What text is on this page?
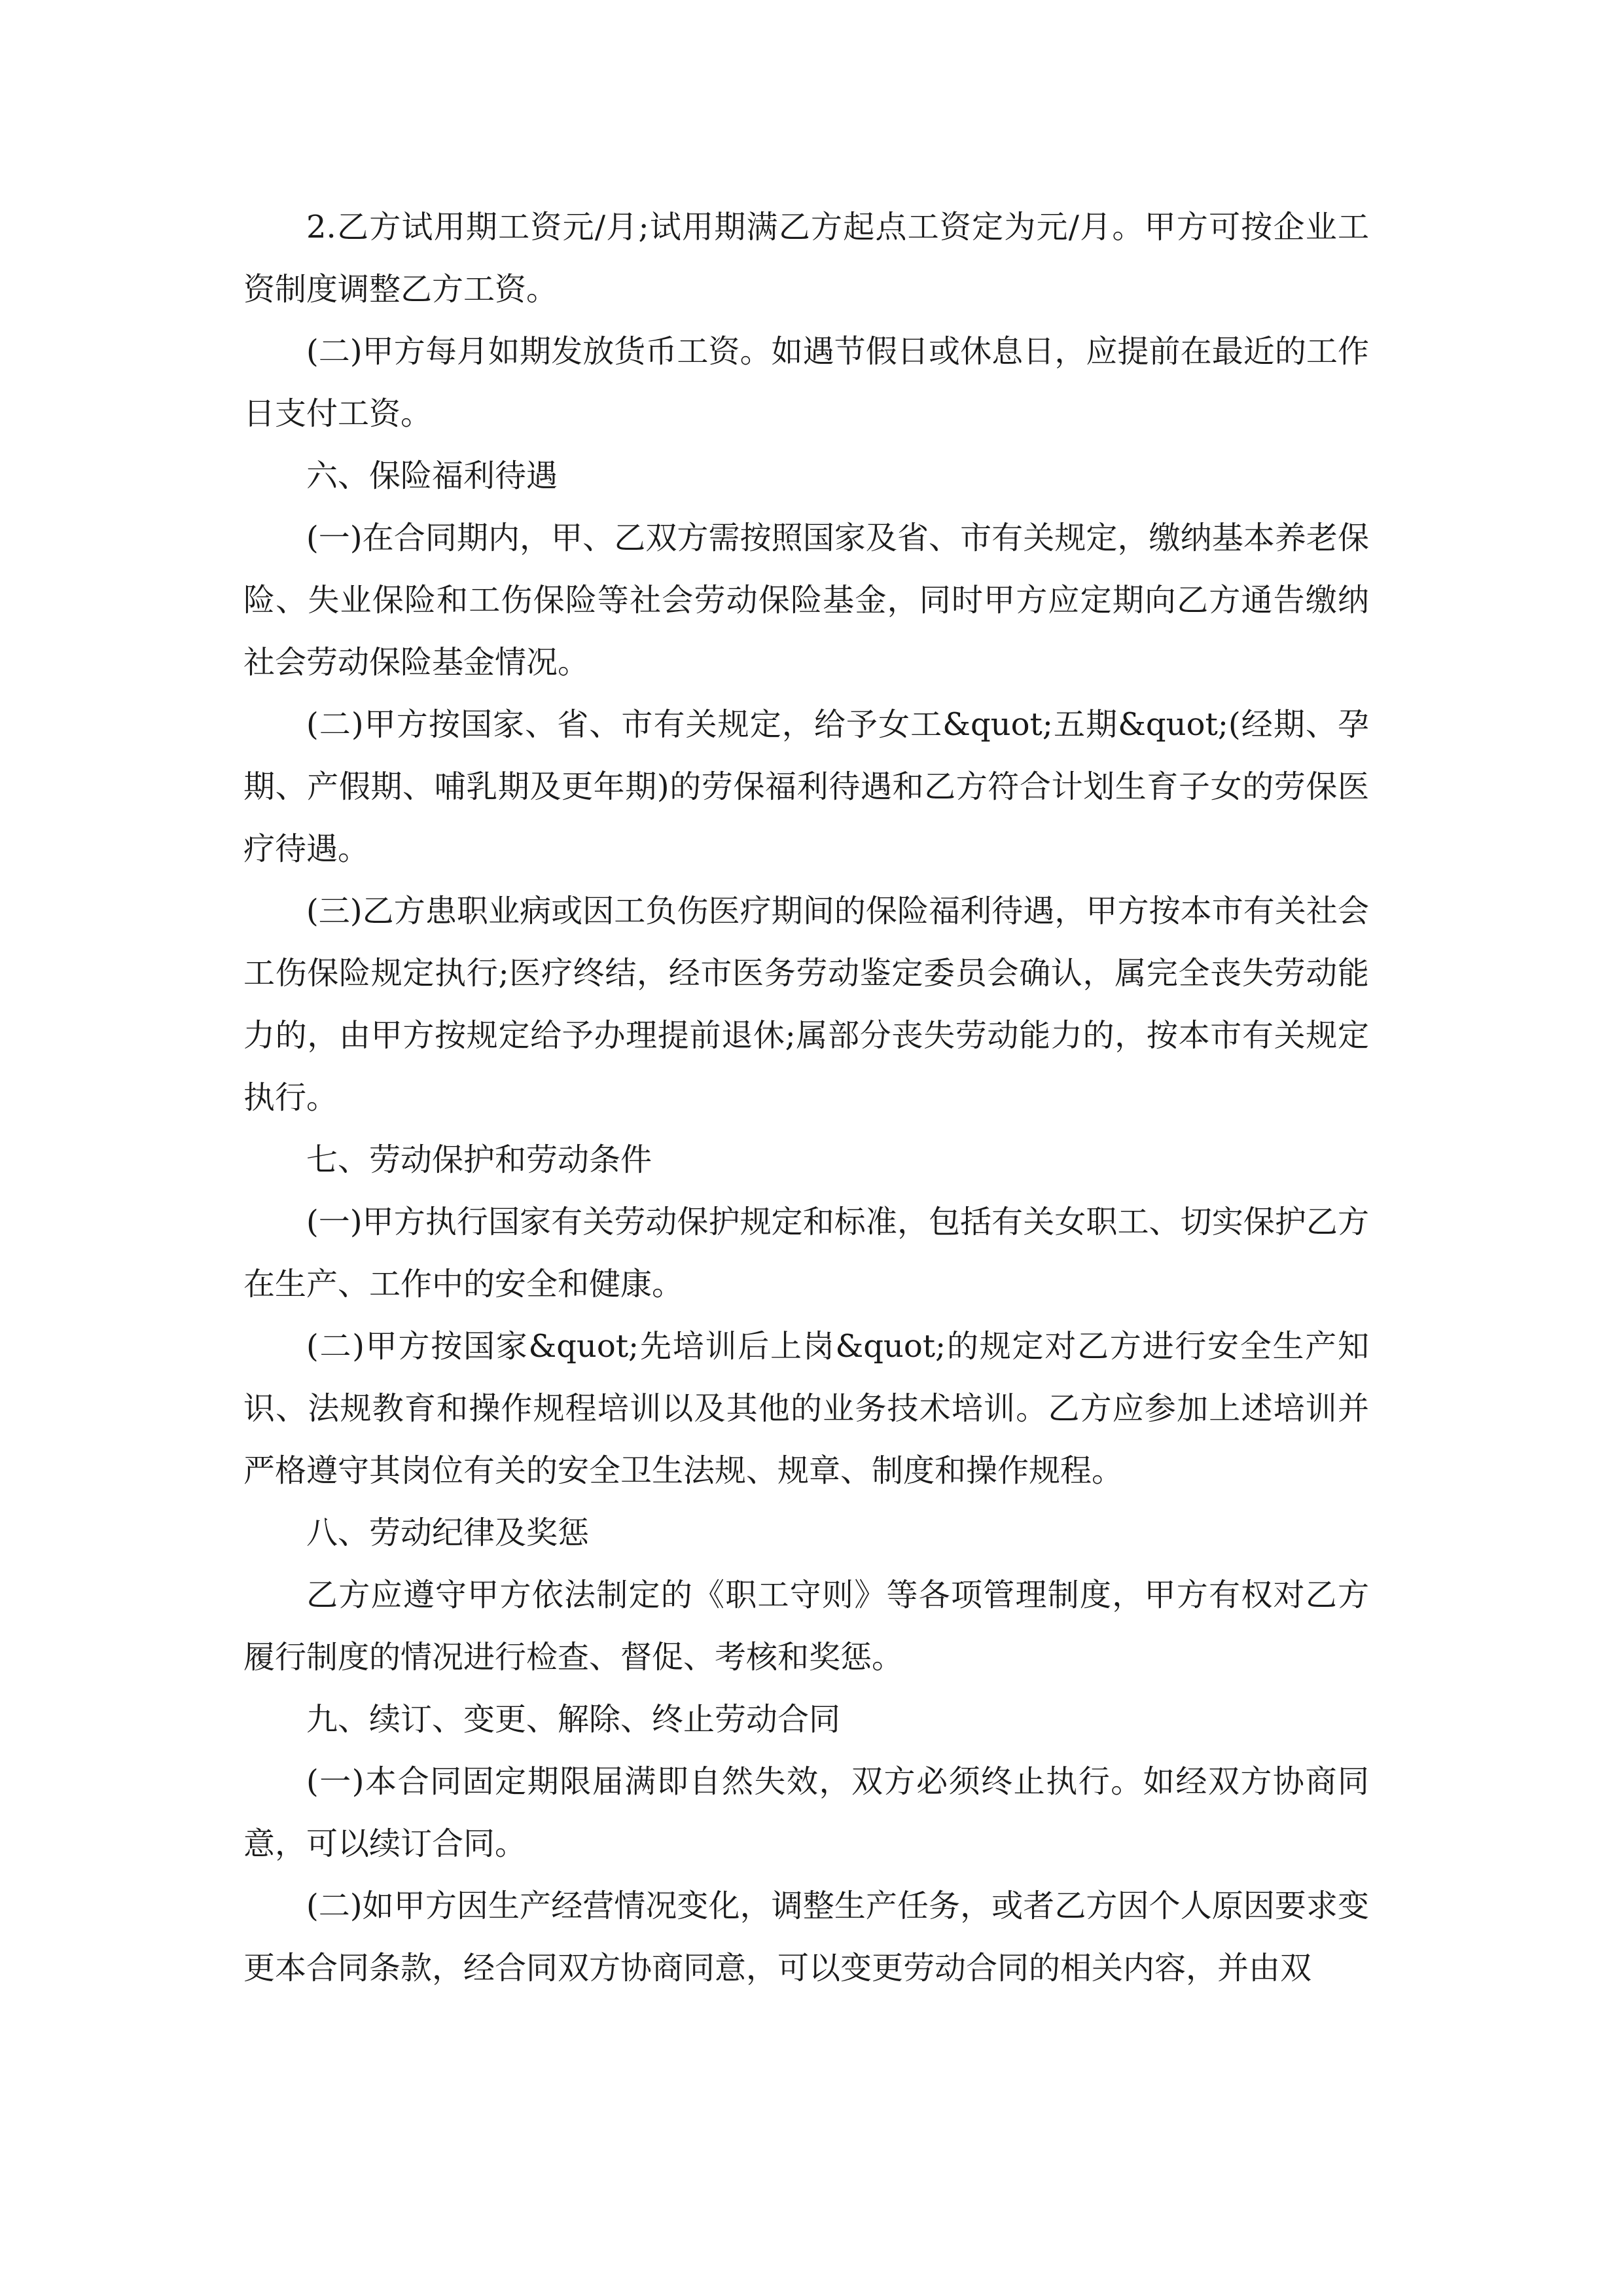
2.乙方试用期工资元/月;试用期满乙方起点工资定为元/月。甲方可按企业工资制度调整乙方工资。

(二)甲方每月如期发放货币工资。如遇节假日或休息日，应提前在最近的工作日支付工资。

六、保险福利待遇

(一)在合同期内，甲、乙双方需按照国家及省、市有关规定，缴纳基本养老保险、失业保险和工伤保险等社会劳动保险基金，同时甲方应定期向乙方通告缴纳社会劳动保险基金情况。

(二)甲方按国家、省、市有关规定，给予女工&quot;五期&quot;(经期、孕期、产假期、哺乳期及更年期)的劳保福利待遇和乙方符合计划生育子女的劳保医疗待遇。

(三)乙方患职业病或因工负伤医疗期间的保险福利待遇，甲方按本市有关社会工伤保险规定执行;医疗终结，经市医务劳动鉴定委员会确认，属完全丧失劳动能力的，由甲方按规定给予办理提前退休;属部分丧失劳动能力的，按本市有关规定执行。

七、劳动保护和劳动条件

(一)甲方执行国家有关劳动保护规定和标准，包括有关女职工、切实保护乙方在生产、工作中的安全和健康。

(二)甲方按国家&quot;先培训后上岗&quot;的规定对乙方进行安全生产知识、法规教育和操作规程培训以及其他的业务技术培训。乙方应参加上述培训并严格遵守其岗位有关的安全卫生法规、规章、制度和操作规程。

八、劳动纪律及奖惩

乙方应遵守甲方依法制定的《职工守则》等各项管理制度，甲方有权对乙方履行制度的情况进行检查、督促、考核和奖惩。

九、续订、变更、解除、终止劳动合同

(一)本合同固定期限届满即自然失效，双方必须终止执行。如经双方协商同意，可以续订合同。

(二)如甲方因生产经营情况变化，调整生产任务，或者乙方因个人原因要求变更本合同条款，经合同双方协商同意，可以变更劳动合同的相关内容，并由双
